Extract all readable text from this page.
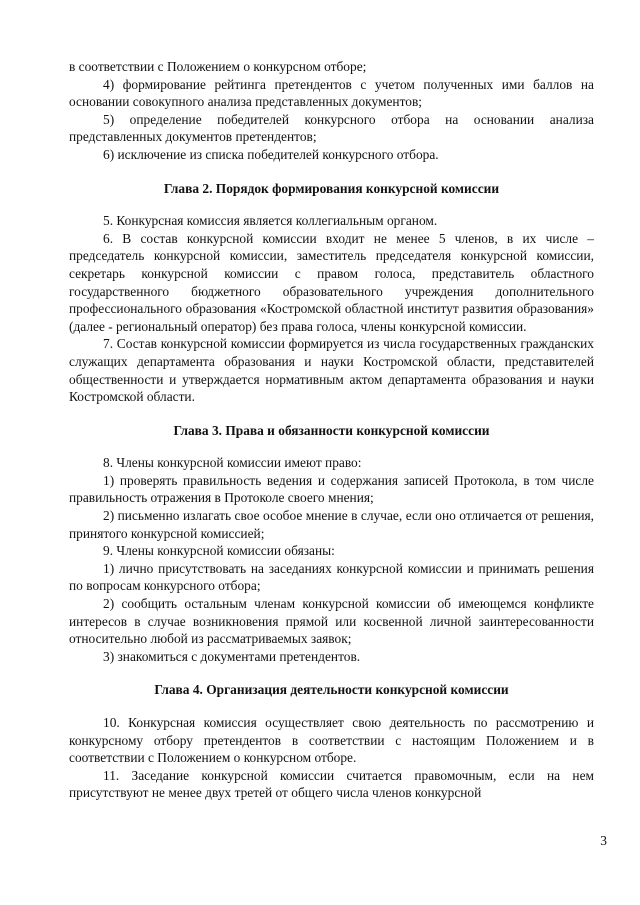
в соответствии с Положением о конкурсном отборе;

4) формирование рейтинга претендентов с учетом полученных ими баллов на основании совокупного анализа представленных документов;

5) определение победителей конкурсного отбора на основании анализа представленных документов претендентов;

6) исключение из списка победителей конкурсного отбора.

Глава 2. Порядок формирования конкурсной комиссии

5. Конкурсная комиссия является коллегиальным органом.

6. В состав конкурсной комиссии входит не менее 5 членов, в их числе – председатель конкурсной комиссии, заместитель председателя конкурсной комиссии, секретарь конкурсной комиссии с правом голоса, представитель областного государственного бюджетного образовательного учреждения дополнительного профессионального образования «Костромской областной институт развития образования» (далее - региональный оператор) без права голоса, члены конкурсной комиссии.

7. Состав конкурсной комиссии формируется из числа государственных гражданских служащих департамента образования и науки Костромской области, представителей общественности и утверждается нормативным актом департамента образования и науки Костромской области.

Глава 3. Права и обязанности конкурсной комиссии

8. Члены конкурсной комиссии имеют право:

1) проверять правильность ведения и содержания записей Протокола, в том числе правильность отражения в Протоколе своего мнения;

2) письменно излагать свое особое мнение в случае, если оно отличается от решения, принятого конкурсной комиссией;

9. Члены конкурсной комиссии обязаны:

1) лично присутствовать на заседаниях конкурсной комиссии и принимать решения по вопросам конкурсного отбора;

2) сообщить остальным членам конкурсной комиссии об имеющемся конфликте интересов в случае возникновения прямой или косвенной личной заинтересованности относительно любой из рассматриваемых заявок;

3) знакомиться с документами претендентов.

Глава 4. Организация деятельности конкурсной комиссии

10. Конкурсная комиссия осуществляет свою деятельность по рассмотрению и конкурсному отбору претендентов в соответствии с настоящим Положением и в соответствии с Положением о конкурсном отборе.

11. Заседание конкурсной комиссии считается правомочным, если на нем присутствуют не менее двух третей от общего числа членов конкурсной

3
